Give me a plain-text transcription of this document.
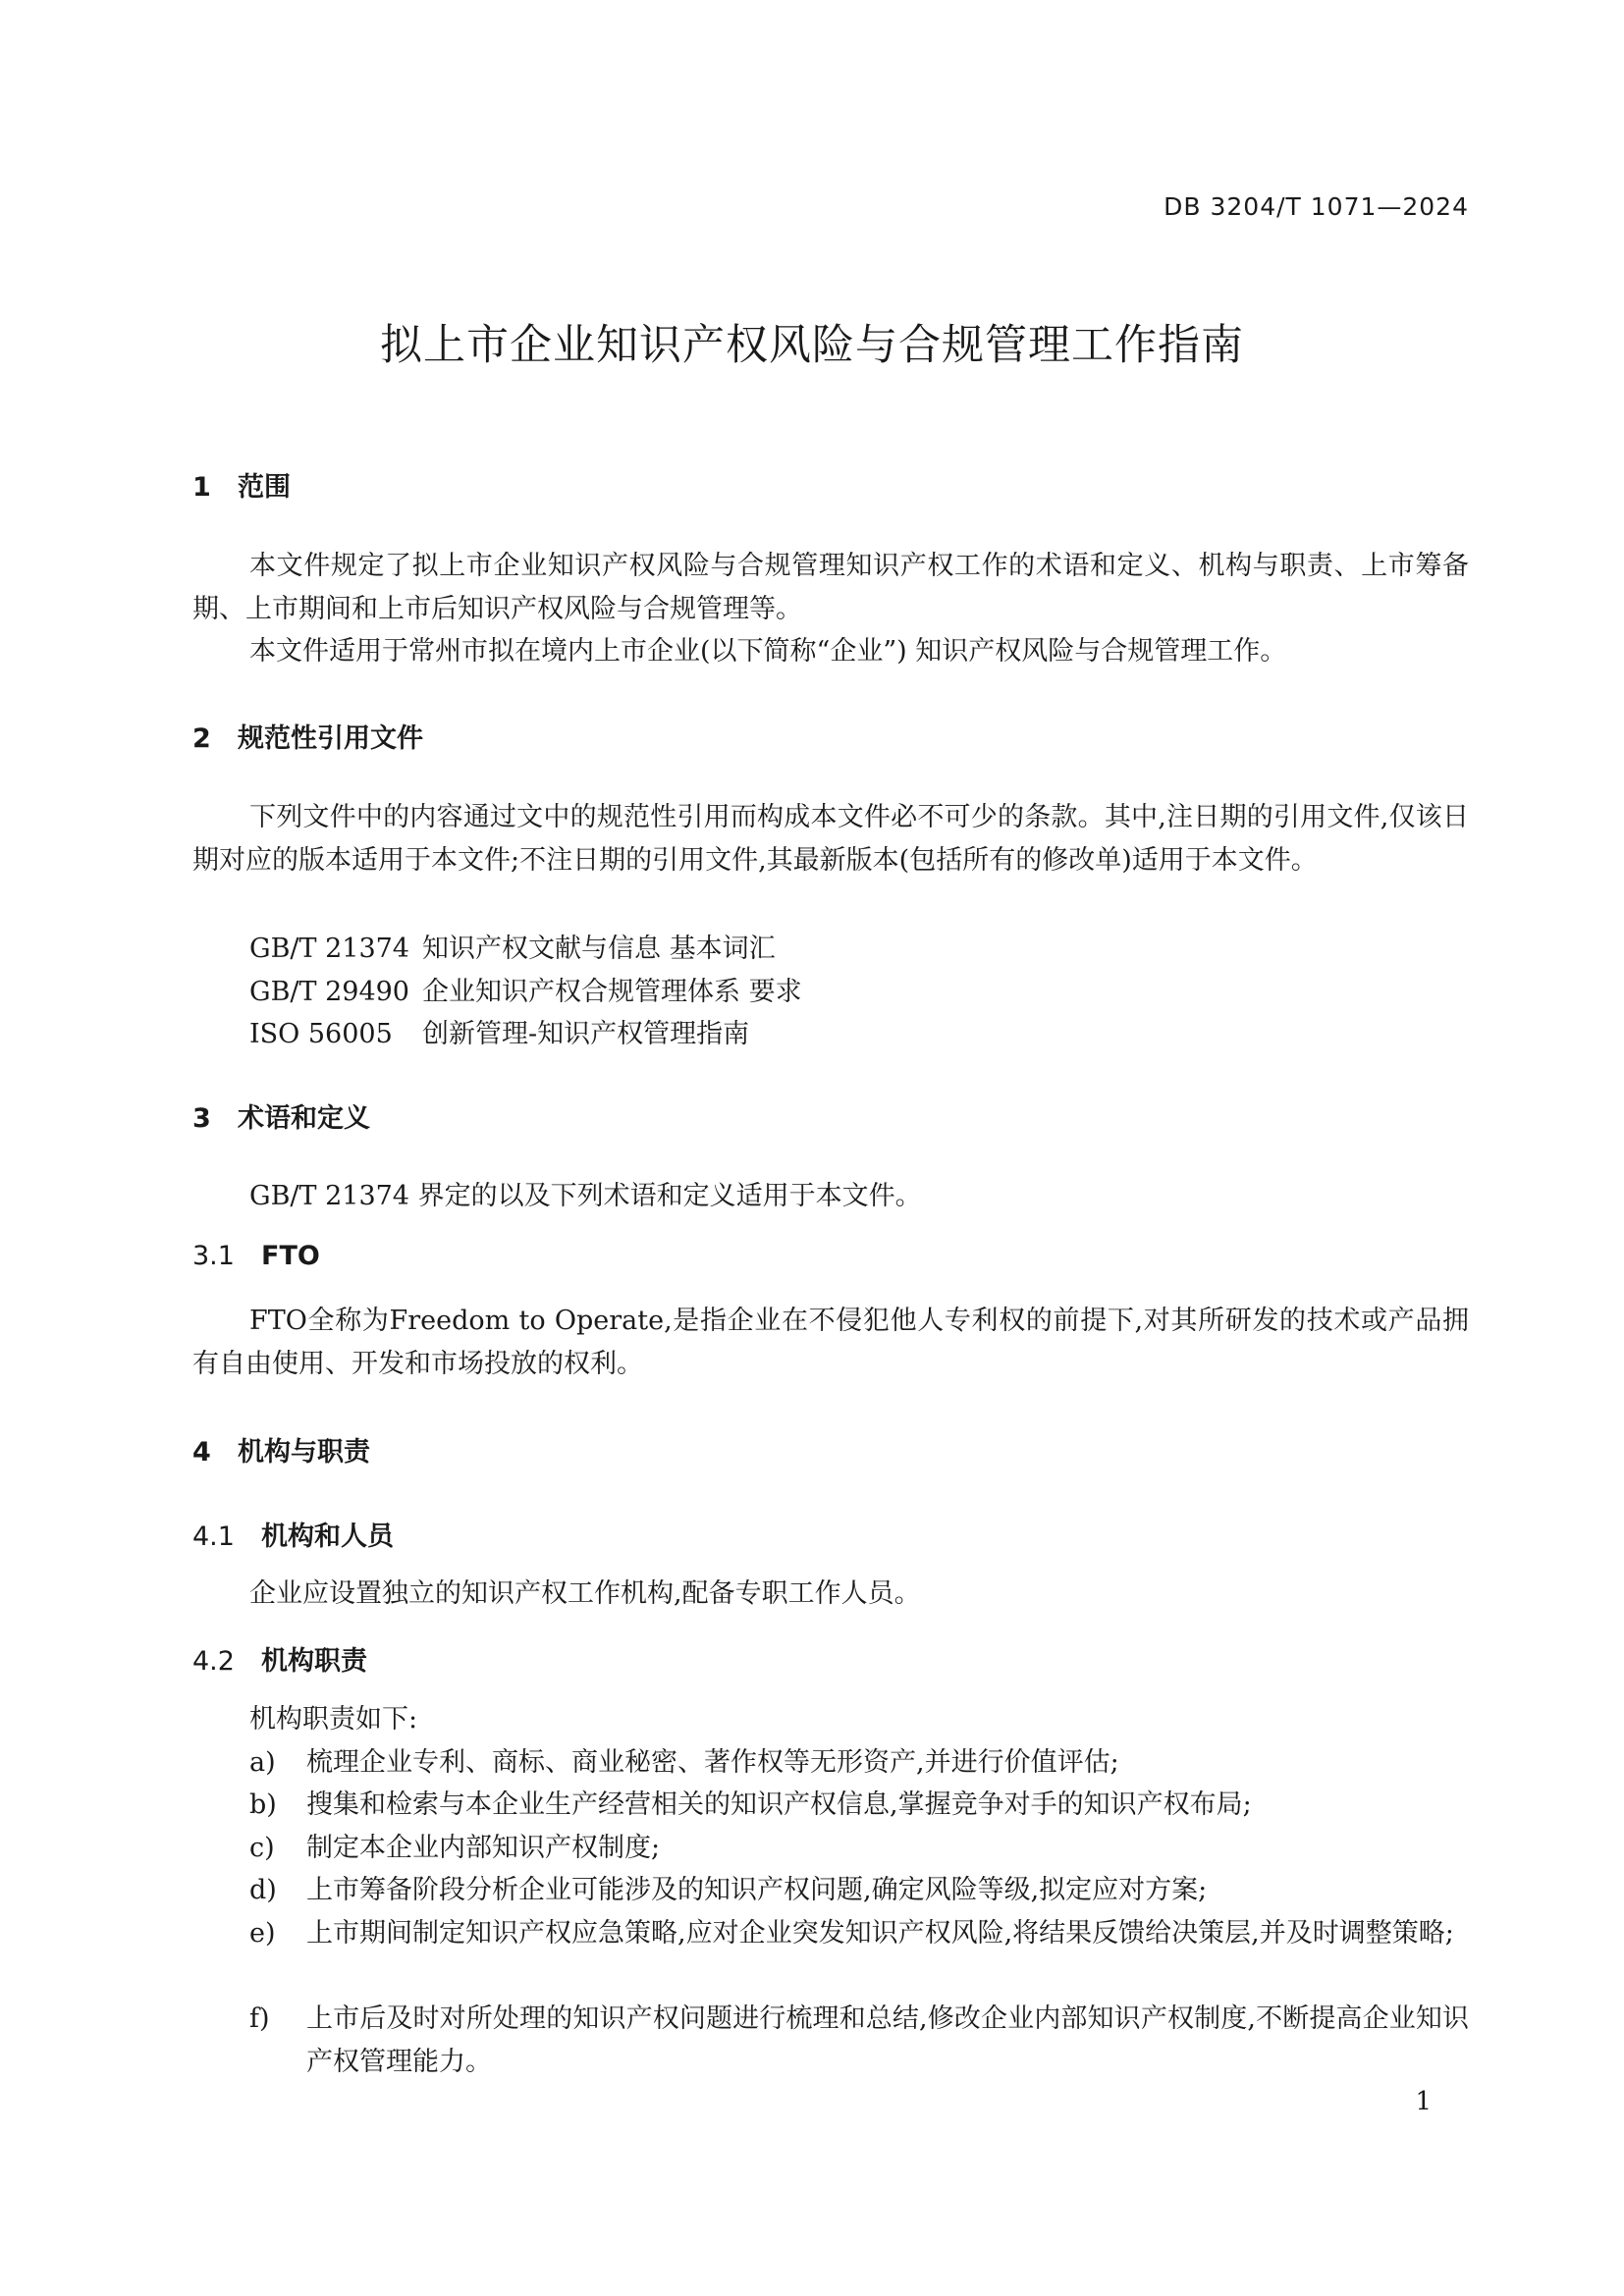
DB 3204/T 1071—2024
拟上市企业知识产权风险与合规管理工作指南
1 范围
本文件规定了拟上市企业知识产权风险与合规管理知识产权工作的术语和定义、机构与职责、上市筹备期、上市期间和上市后知识产权风险与合规管理等。
本文件适用于常州市拟在境内上市企业(以下简称“企业”) 知识产权风险与合规管理工作。
2 规范性引用文件
下列文件中的内容通过文中的规范性引用而构成本文件必不可少的条款。其中,注日期的引用文件,仅该日期对应的版本适用于本文件;不注日期的引用文件,其最新版本(包括所有的修改单)适用于本文件。
GB/T 21374 知识产权文献与信息 基本词汇
GB/T 29490 企业知识产权合规管理体系 要求
ISO 56005 创新管理-知识产权管理指南
3 术语和定义
GB/T 21374 界定的以及下列术语和定义适用于本文件。
3.1 FTO
FTO全称为Freedom to Operate,是指企业在不侵犯他人专利权的前提下,对其所研发的技术或产品拥有自由使用、开发和市场投放的权利。
4 机构与职责
4.1 机构和人员
企业应设置独立的知识产权工作机构,配备专职工作人员。
4.2 机构职责
机构职责如下:
a)	梳理企业专利、商标、商业秘密、著作权等无形资产,并进行价值评估;
b)	搜集和检索与本企业生产经营相关的知识产权信息,掌握竞争对手的知识产权布局;
c)	制定本企业内部知识产权制度;
d)	上市筹备阶段分析企业可能涉及的知识产权问题,确定风险等级,拟定应对方案;
e)	上市期间制定知识产权应急策略,应对企业突发知识产权风险,将结果反馈给决策层,并及时调整策略;
f)	上市后及时对所处理的知识产权问题进行梳理和总结,修改企业内部知识产权制度,不断提高企业知识产权管理能力。
1
